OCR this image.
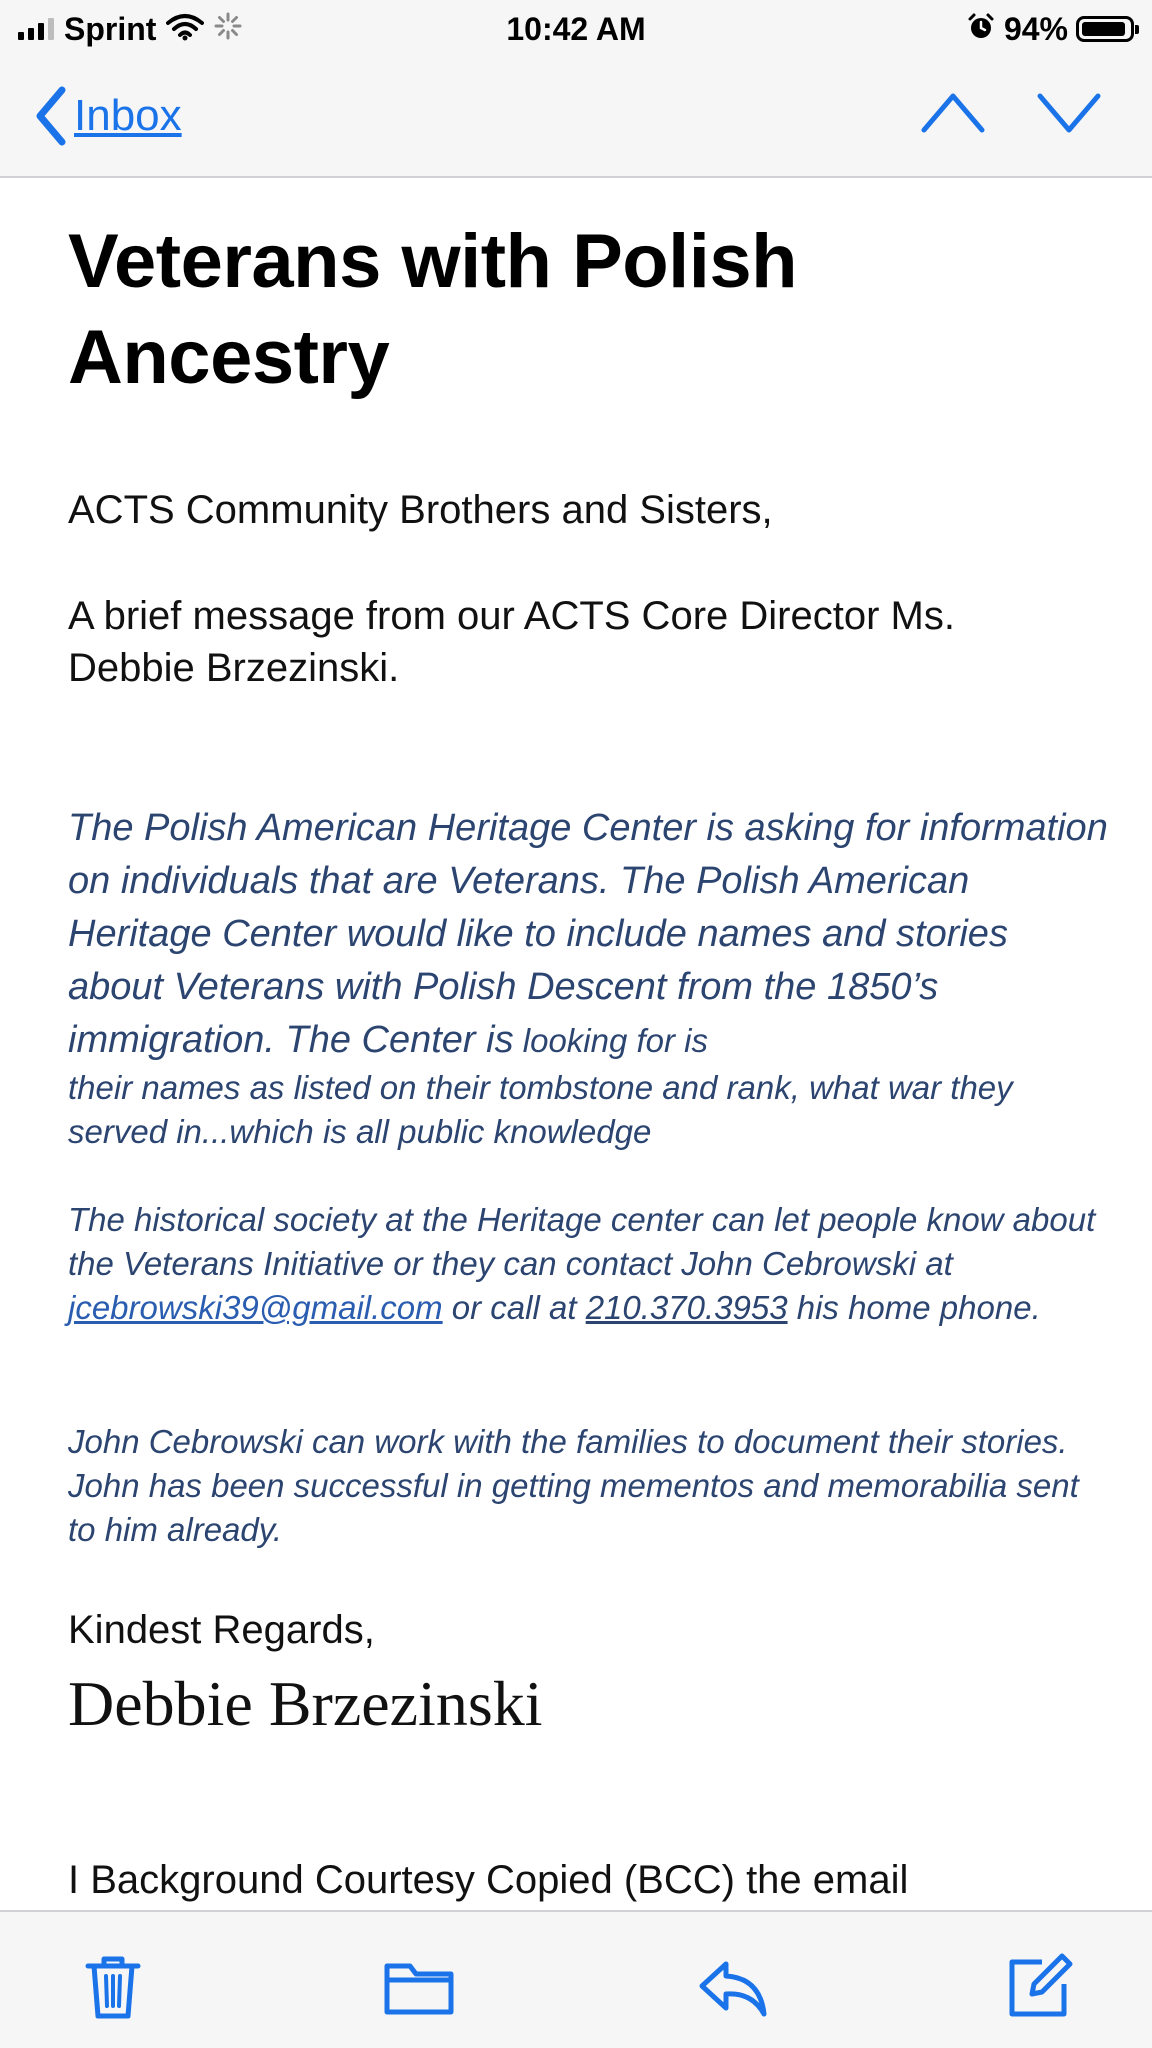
Sprint	10:42 AM	94%
Inbox
Veterans with Polish Ancestry

ACTS Community Brothers and Sisters,

A brief message from our ACTS Core Director Ms. Debbie Brzezinski.

The Polish American Heritage Center is asking for information on individuals that are Veterans. The Polish American Heritage Center would like to include names and stories about Veterans with Polish Descent from the 1850’s immigration. The Center is looking for is

their names as listed on their tombstone and rank, what war they served in...which is all public knowledge

The historical society at the Heritage center can let people know about the Veterans Initiative or they can contact John Cebrowski at jcebrowski39@gmail.com or call at 210.370.3953 his home phone.

John Cebrowski can work with the families to document their stories. John has been successful in getting mementos and memorabilia sent to him already.

Kindest Regards,

Debbie Brzezinski

I Background Courtesy Copied (BCC) the email
